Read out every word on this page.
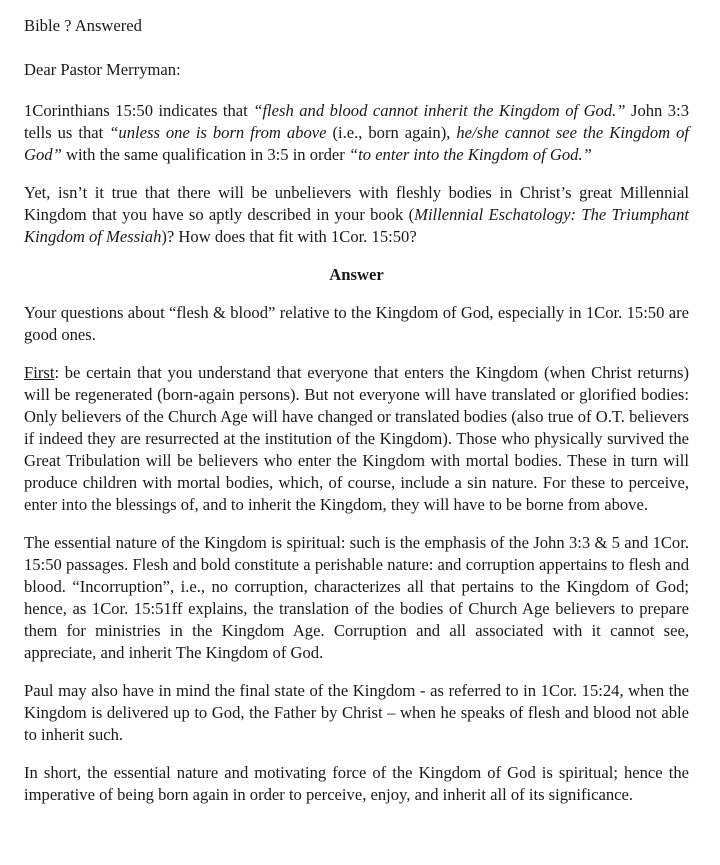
Bible ? Answered
Dear Pastor Merryman:

1Corinthians 15:50 indicates that “flesh and blood cannot inherit the Kingdom of God.” John 3:3 tells us that “unless one is born from above (i.e., born again), he/she cannot see the Kingdom of God” with the same qualification in 3:5 in order “to enter into the Kingdom of God.”

Yet, isn’t it true that there will be unbelievers with fleshly bodies in Christ’s great Millennial Kingdom that you have so aptly described in your book (Millennial Eschatology: The Triumphant Kingdom of Messiah)? How does that fit with 1Cor. 15:50?

Answer

Your questions about “flesh & blood” relative to the Kingdom of God, especially in 1Cor. 15:50 are good ones.

First: be certain that you understand that everyone that enters the Kingdom (when Christ returns) will be regenerated (born-again persons). But not everyone will have translated or glorified bodies: Only believers of the Church Age will have changed or translated bodies (also true of O.T. believers if indeed they are resurrected at the institution of the Kingdom). Those who physically survived the Great Tribulation will be believers who enter the Kingdom with mortal bodies. These in turn will produce children with mortal bodies, which, of course, include a sin nature. For these to perceive, enter into the blessings of, and to inherit the Kingdom, they will have to be borne from above.

The essential nature of the Kingdom is spiritual: such is the emphasis of the John 3:3 & 5 and 1Cor. 15:50 passages. Flesh and bold constitute a perishable nature: and corruption appertains to flesh and blood. “Incorruption”, i.e., no corruption, characterizes all that pertains to the Kingdom of God; hence, as 1Cor. 15:51ff explains, the translation of the bodies of Church Age believers to prepare them for ministries in the Kingdom Age. Corruption and all associated with it cannot see, appreciate, and inherit The Kingdom of God.

Paul may also have in mind the final state of the Kingdom - as referred to in 1Cor. 15:24, when the Kingdom is delivered up to God, the Father by Christ – when he speaks of flesh and blood not able to inherit such.

In short, the essential nature and motivating force of the Kingdom of God is spiritual; hence the imperative of being born again in order to perceive, enjoy, and inherit all of its significance.
